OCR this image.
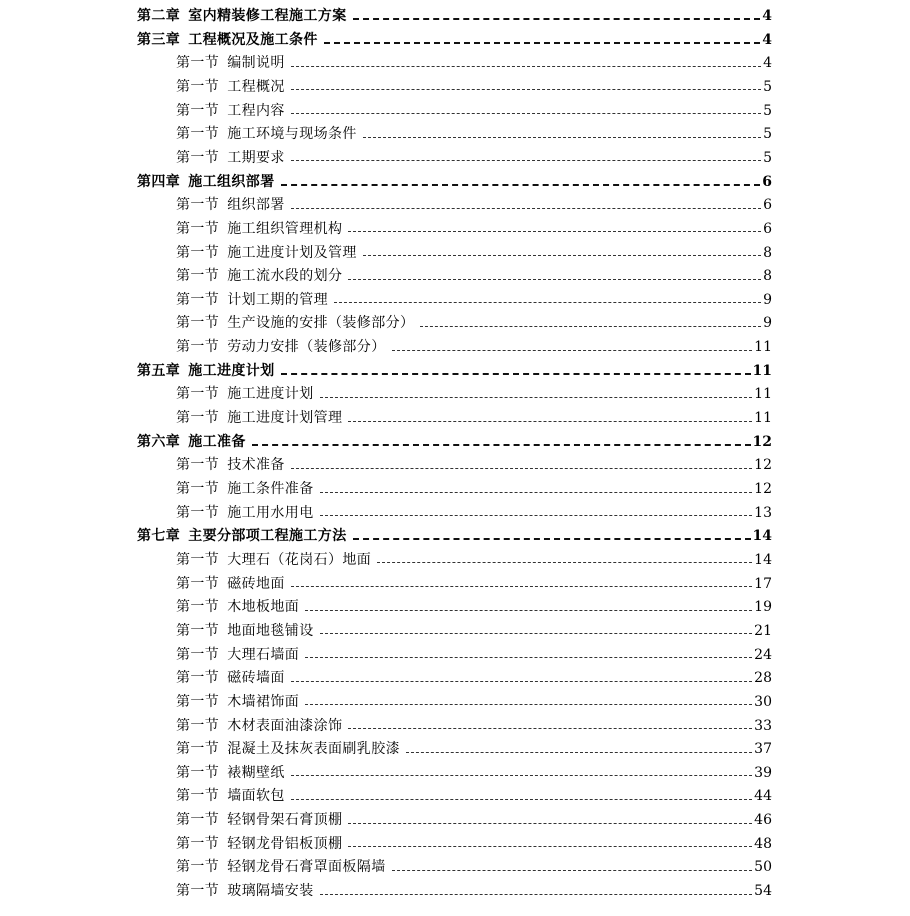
第二章 室内精装修工程施工方案	4
第三章 工程概况及施工条件	4
第一节 编制说明	4
第一节 工程概况	5
第一节 工程内容	5
第一节 施工环境与现场条件	5
第一节 工期要求	5
第四章 施工组织部署	6
第一节 组织部署	6
第一节 施工组织管理机构	6
第一节 施工进度计划及管理	8
第一节 施工流水段的划分	8
第一节 计划工期的管理	9
第一节 生产设施的安排（装修部分）	9
第一节 劳动力安排（装修部分）	11
第五章 施工进度计划	11
第一节 施工进度计划	11
第一节 施工进度计划管理	11
第六章 施工准备	12
第一节 技术准备	12
第一节 施工条件准备	12
第一节 施工用水用电	13
第七章 主要分部项工程施工方法	14
第一节 大理石（花岗石）地面	14
第一节 磁砖地面	17
第一节 木地板地面	19
第一节 地面地毯铺设	21
第一节 大理石墙面	24
第一节 磁砖墙面	28
第一节 木墙裙饰面	30
第一节 木材表面油漆涂饰	33
第一节 混凝土及抹灰表面刷乳胶漆	37
第一节 裱糊壁纸	39
第一节 墙面软包	44
第一节 轻钢骨架石膏顶棚	46
第一节 轻钢龙骨铝板顶棚	48
第一节 轻钢龙骨石膏罩面板隔墙	50
第一节 玻璃隔墙安装	54
